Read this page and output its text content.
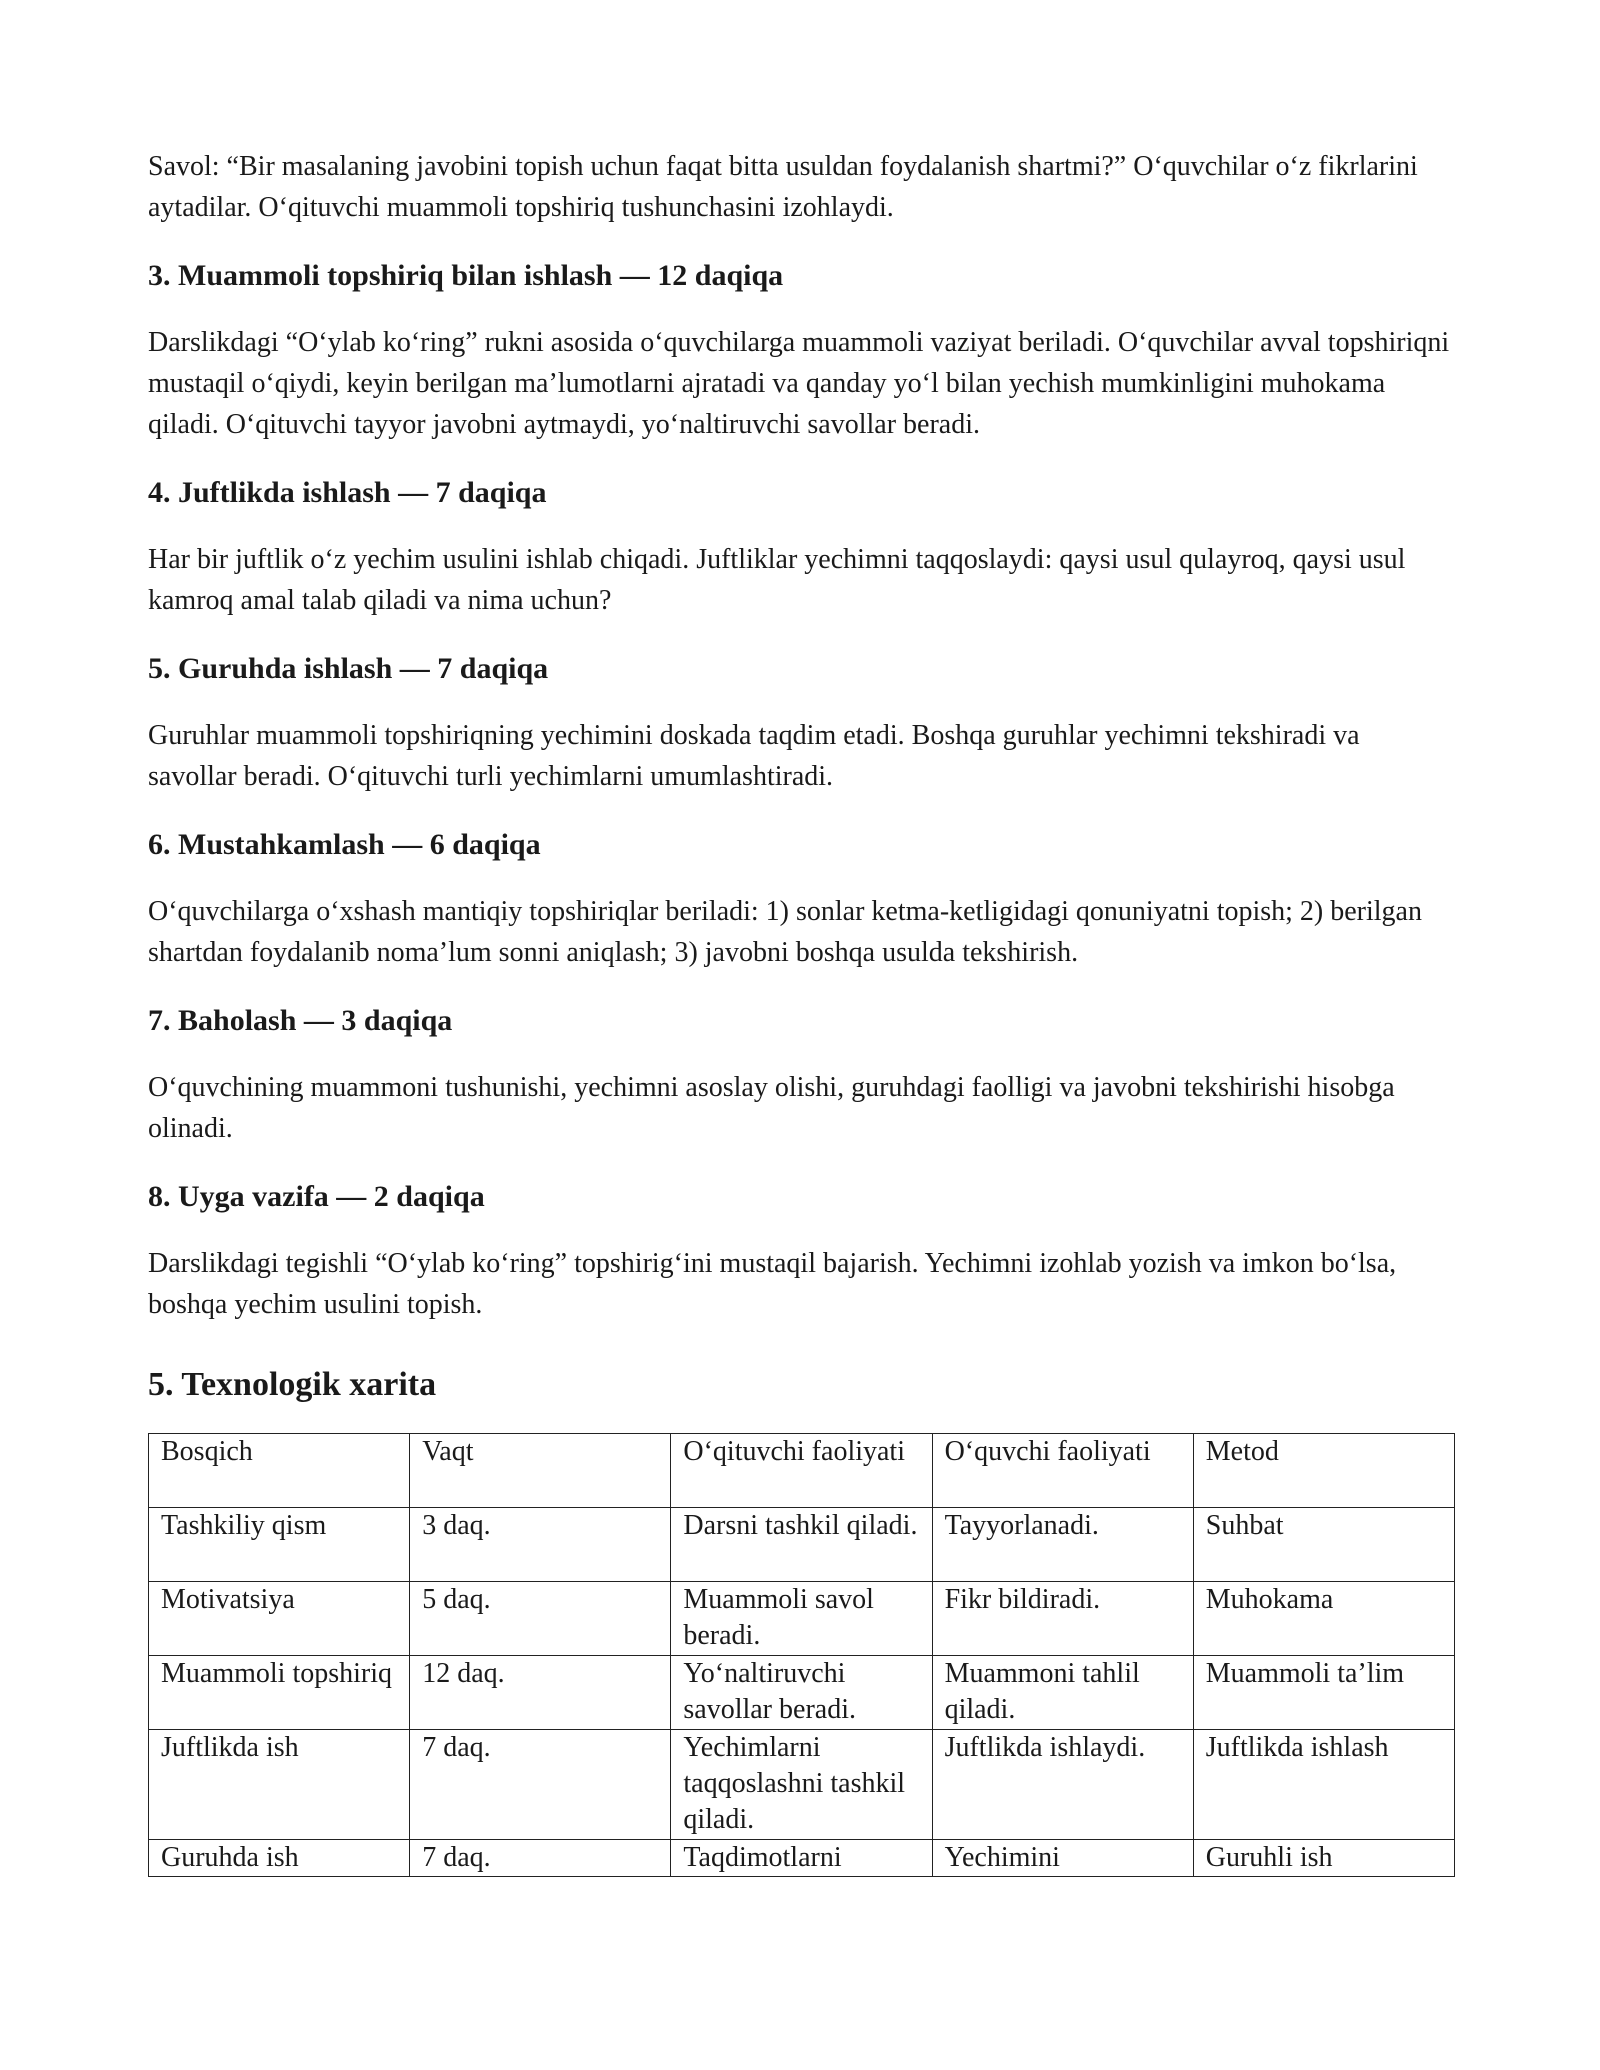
Savol: “Bir masalaning javobini topish uchun faqat bitta usuldan foydalanish shartmi?” O‘quvchilar o‘z fikrlarini aytadilar. O‘qituvchi muammoli topshiriq tushunchasini izohlaydi.

3. Muammoli topshiriq bilan ishlash — 12 daqiqa

Darslikdagi “O‘ylab ko‘ring” rukni asosida o‘quvchilarga muammoli vaziyat beriladi. O‘quvchilar avval topshiriqni mustaqil o‘qiydi, keyin berilgan ma’lumotlarni ajratadi va qanday yo‘l bilan yechish mumkinligini muhokama qiladi. O‘qituvchi tayyor javobni aytmaydi, yo‘naltiruvchi savollar beradi.

4. Juftlikda ishlash — 7 daqiqa

Har bir juftlik o‘z yechim usulini ishlab chiqadi. Juftliklar yechimni taqqoslaydi: qaysi usul qulayroq, qaysi usul kamroq amal talab qiladi va nima uchun?

5. Guruhda ishlash — 7 daqiqa

Guruhlar muammoli topshiriqning yechimini doskada taqdim etadi. Boshqa guruhlar yechimni tekshiradi va savollar beradi. O‘qituvchi turli yechimlarni umumlashtiradi.

6. Mustahkamlash — 6 daqiqa

O‘quvchilarga o‘xshash mantiqiy topshiriqlar beriladi: 1) sonlar ketma-ketligidagi qonuniyatni topish; 2) berilgan shartdan foydalanib noma’lum sonni aniqlash; 3) javobni boshqa usulda tekshirish.

7. Baholash — 3 daqiqa

O‘quvchining muammoni tushunishi, yechimni asoslay olishi, guruhdagi faolligi va javobni tekshirishi hisobga olinadi.

8. Uyga vazifa — 2 daqiqa

Darslikdagi tegishli “O‘ylab ko‘ring” topshirig‘ini mustaqil bajarish. Yechimni izohlab yozish va imkon bo‘lsa, boshqa yechim usulini topish.

5. Texnologik xarita

Bosqich	Vaqt	O‘qituvchi faoliyati	O‘quvchi faoliyati	Metod
Tashkiliy qism	3 daq.	Darsni tashkil qiladi.	Tayyorlanadi.	Suhbat
Motivatsiya	5 daq.	Muammoli savol beradi.	Fikr bildiradi.	Muhokama
Muammoli topshiriq	12 daq.	Yo‘naltiruvchi savollar beradi.	Muammoni tahlil qiladi.	Muammoli ta’lim
Juftlikda ish	7 daq.	Yechimlarni taqqoslashni tashkil qiladi.	Juftlikda ishlaydi.	Juftlikda ishlash
Guruhda ish	7 daq.	Taqdimotlarni	Yechimini	Guruhli ish
